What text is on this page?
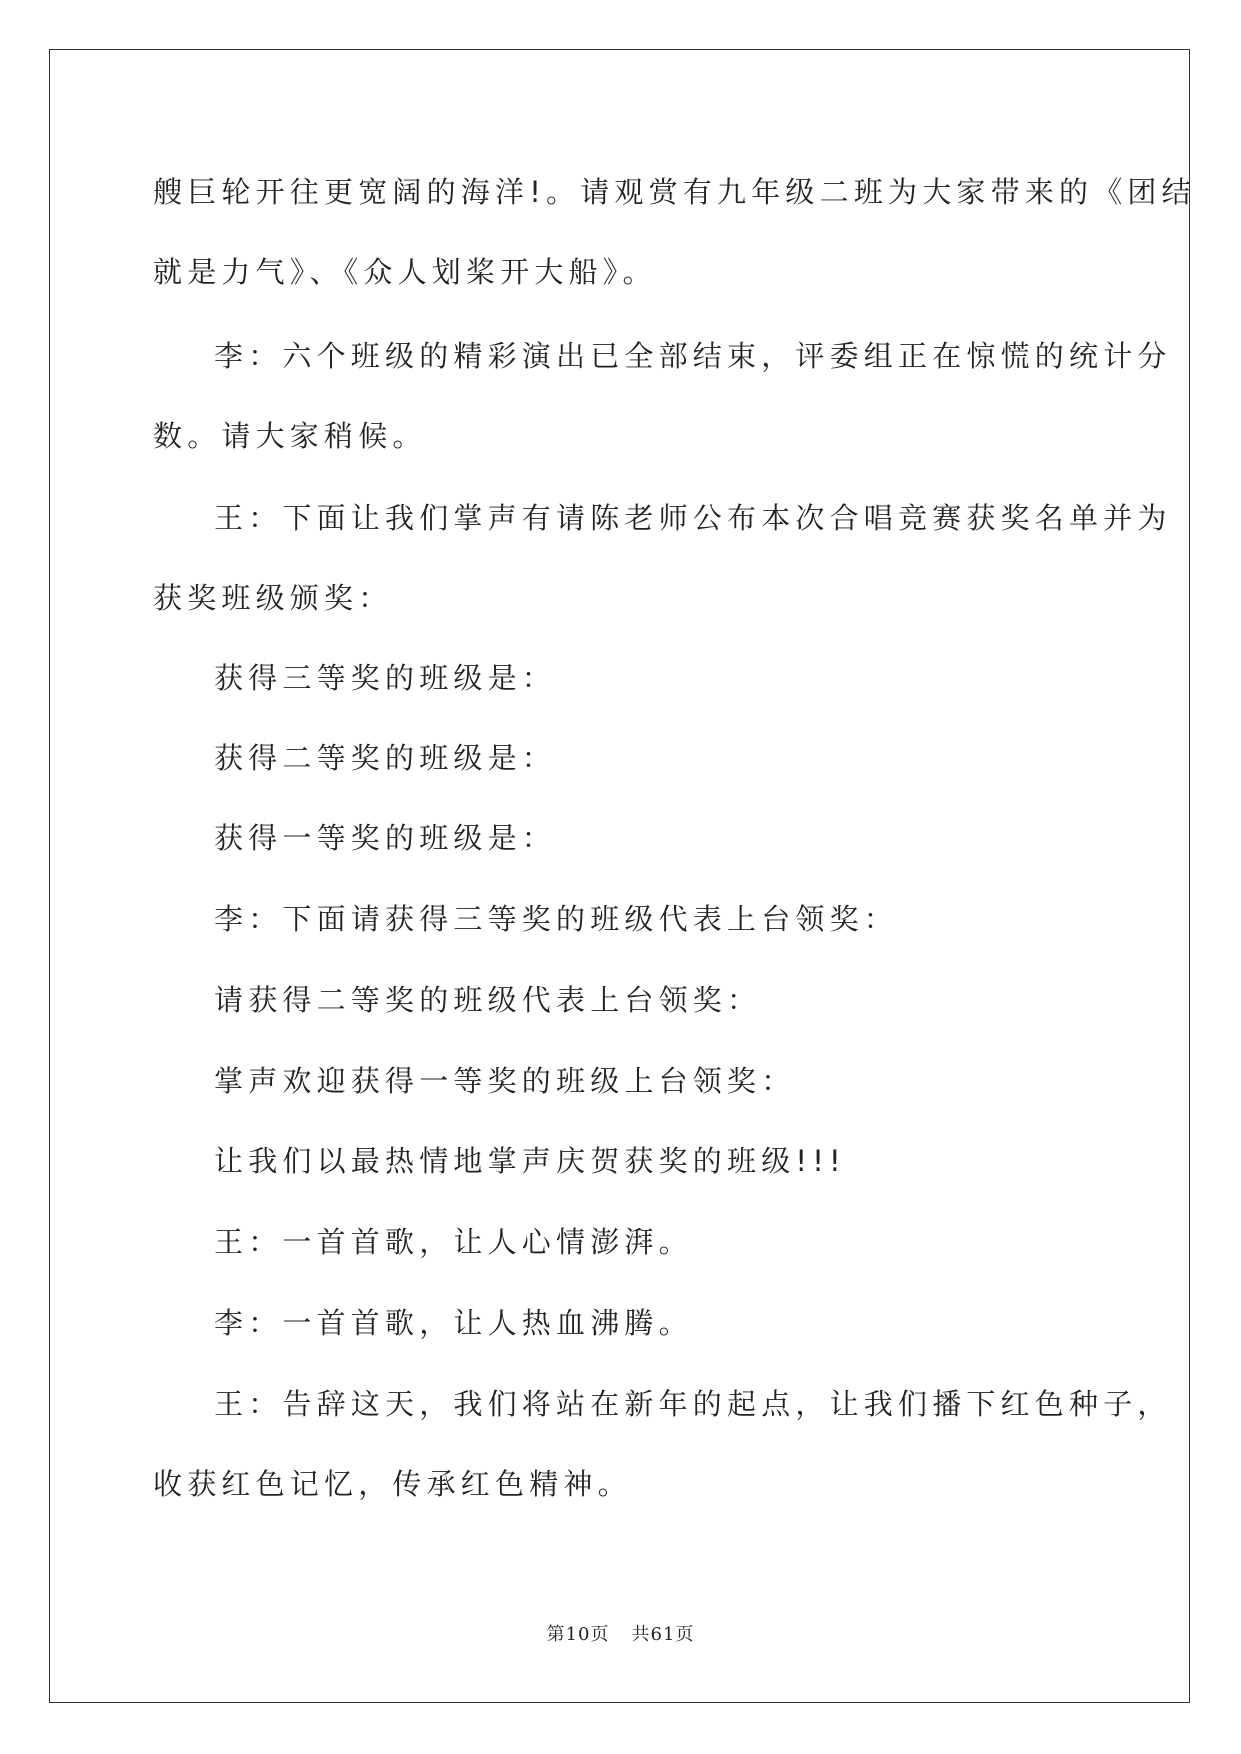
艘巨轮开往更宽阔的海洋!。请观赏有九年级二班为大家带来的《团结
就是力气》、《众人划桨开大船》。
李：六个班级的精彩演出已全部结束，评委组正在惊慌的统计分
数。请大家稍候。
王：下面让我们掌声有请陈老师公布本次合唱竞赛获奖名单并为
获奖班级颁奖：
获得三等奖的班级是：
获得二等奖的班级是：
获得一等奖的班级是：
李：下面请获得三等奖的班级代表上台领奖：
请获得二等奖的班级代表上台领奖：
掌声欢迎获得一等奖的班级上台领奖：
让我们以最热情地掌声庆贺获奖的班级!!!
王：一首首歌，让人心情澎湃。
李：一首首歌，让人热血沸腾。
王：告辞这天，我们将站在新年的起点，让我们播下红色种子，
收获红色记忆，传承红色精神。
第10页 共61页
